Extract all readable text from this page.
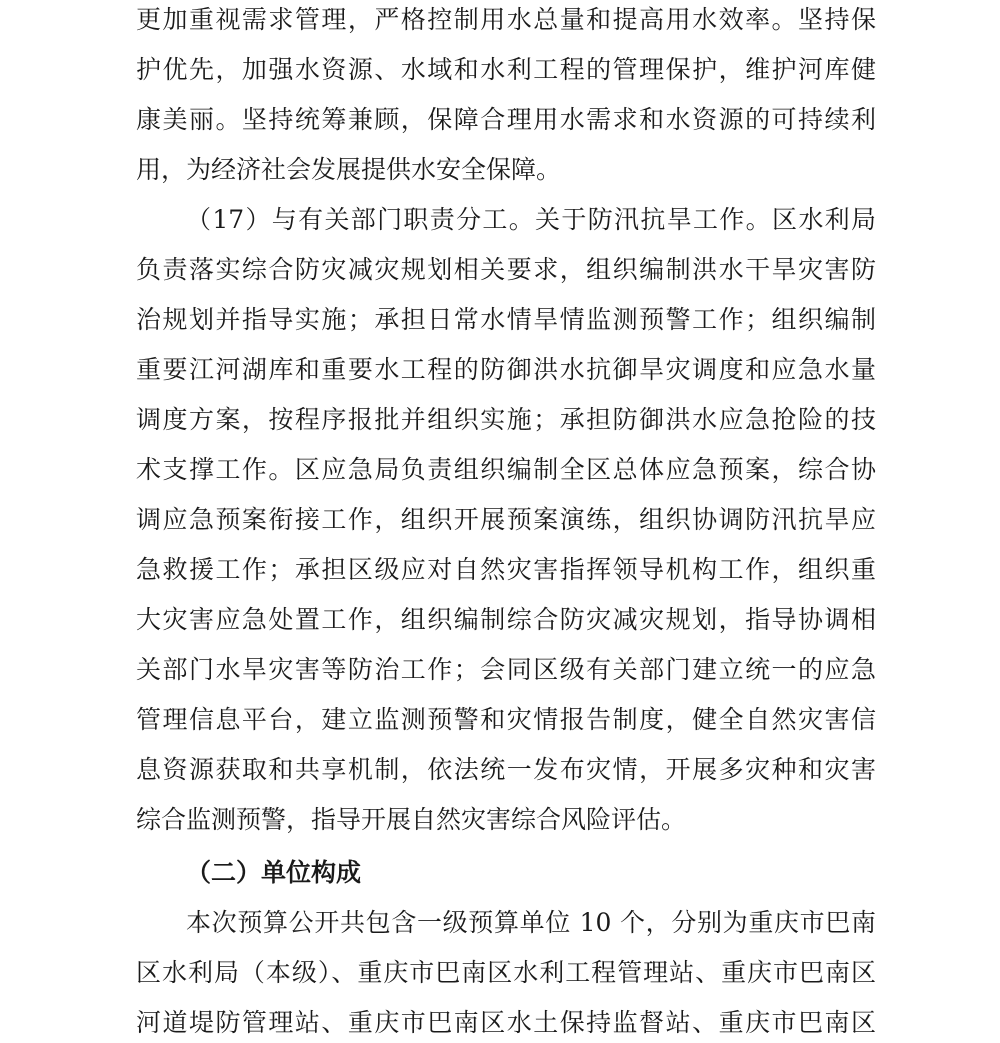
更加重视需求管理，严格控制用水总量和提高用水效率。坚持保
护优先，加强水资源、水域和水利工程的管理保护，维护河库健
康美丽。坚持统筹兼顾，保障合理用水需求和水资源的可持续利
用，为经济社会发展提供水安全保障。
（17）与有关部门职责分工。关于防汛抗旱工作。区水利局
负责落实综合防灾减灾规划相关要求，组织编制洪水干旱灾害防
治规划并指导实施；承担日常水情旱情监测预警工作；组织编制
重要江河湖库和重要水工程的防御洪水抗御旱灾调度和应急水量
调度方案，按程序报批并组织实施；承担防御洪水应急抢险的技
术支撑工作。区应急局负责组织编制全区总体应急预案，综合协
调应急预案衔接工作，组织开展预案演练，组织协调防汛抗旱应
急救援工作；承担区级应对自然灾害指挥领导机构工作，组织重
大灾害应急处置工作，组织编制综合防灾减灾规划，指导协调相
关部门水旱灾害等防治工作；会同区级有关部门建立统一的应急
管理信息平台，建立监测预警和灾情报告制度，健全自然灾害信
息资源获取和共享机制，依法统一发布灾情，开展多灾种和灾害
综合监测预警，指导开展自然灾害综合风险评估。
（二）单位构成
本次预算公开共包含一级预算单位 10 个，分别为重庆市巴南
区水利局（本级）、重庆市巴南区水利工程管理站、重庆市巴南区
河道堤防管理站、重庆市巴南区水土保持监督站、重庆市巴南区
